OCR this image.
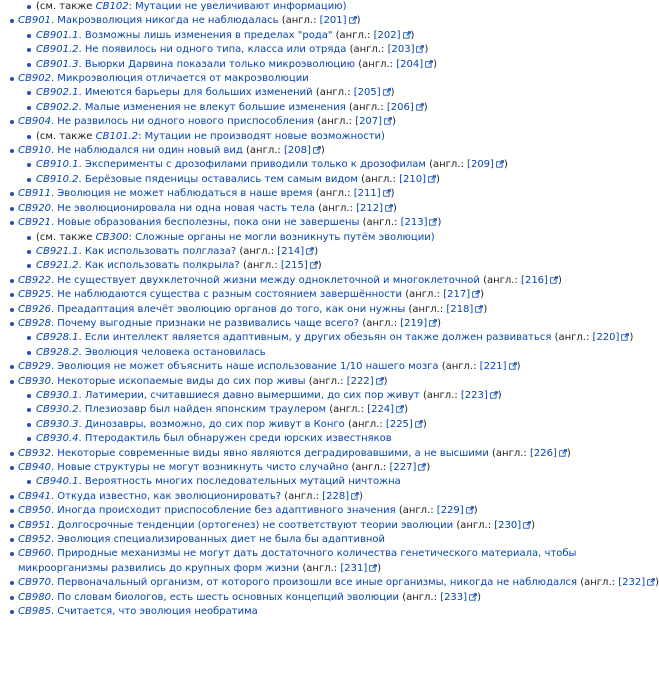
(см. также CB102: Мутации не увеличивают информацию)
CB901. Макроэволюция никогда не наблюдалась (англ.: [201] )
CB901.1. Возможны лишь изменения в пределах "рода" (англ.: [202] )
CB901.2. Не появилось ни одного типа, класса или отряда (англ.: [203] )
CB901.3. Вьюрки Дарвина показали только микроэволюцию (англ.: [204] )
CB902. Микроэволюция отличается от макроэволюции
CB902.1. Имеются барьеры для больших изменений (англ.: [205] )
CB902.2. Малые изменения не влекут большие изменения (англ.: [206] )
CB904. Не развилось ни одного нового приспособления (англ.: [207] )
(см. также CB101.2: Мутации не производят новые возможности)
CB910. Не наблюдался ни один новый вид (англ.: [208] )
CB910.1. Эксперименты с дрозофилами приводили только к дрозофилам (англ.: [209] )
CB910.2. Берёзовые пяденицы оставались тем самым видом (англ.: [210] )
CB911. Эволюция не может наблюдаться в наше время (англ.: [211] )
CB920. Не эволюционировала ни одна новая часть тела (англ.: [212] )
CB921. Новые образования бесполезны, пока они не завершены (англ.: [213] )
(см. также CB300: Сложные органы не могли возникнуть путём эволюции)
CB921.1. Как использовать полглаза? (англ.: [214] )
CB921.2. Как использовать полкрыла? (англ.: [215] )
CB922. Не существует двухклеточной жизни между одноклеточной и многоклеточной (англ.: [216] )
CB925. Не наблюдаются существа с разным состоянием завершённости (англ.: [217] )
CB926. Преадаптация влечёт эволюцию органов до того, как они нужны (англ.: [218] )
CB928. Почему выгодные признаки не развивались чаще всего? (англ.: [219] )
CB928.1. Если интеллект является адаптивным, у других обезьян он также должен развиваться (англ.: [220] )
CB928.2. Эволюция человека остановилась
CB929. Эволюция не может объяснить наше использование 1/10 нашего мозга (англ.: [221] )
CB930. Некоторые ископаемые виды до сих пор живы (англ.: [222] )
CB930.1. Латимерии, считавшиеся давно вымершими, до сих пор живут (англ.: [223] )
CB930.2. Плезиозавр был найден японским траулером (англ.: [224] )
CB930.3. Динозавры, возможно, до сих пор живут в Конго (англ.: [225] )
CB930.4. Птеродактиль был обнаружен среди юрских известняков
CB932. Некоторые современные виды явно являются деградировавшими, а не высшими (англ.: [226] )
CB940. Новые структуры не могут возникнуть чисто случайно (англ.: [227] )
CB940.1. Вероятность многих последовательных мутаций ничтожна
CB941. Откуда известно, как эволюционировать? (англ.: [228] )
CB950. Иногда происходит приспособление без адаптивного значения (англ.: [229] )
CB951. Долгосрочные тенденции (ортогенез) не соответствуют теории эволюции (англ.: [230] )
CB952. Эволюция специализированных диет не была бы адаптивной
CB960. Природные механизмы не могут дать достаточного количества генетического материала, чтобы микроорганизмы развились до крупных форм жизни (англ.: [231] )
CB970. Первоначальный организм, от которого произошли все иные организмы, никогда не наблюдался (англ.: [232] )
CB980. По словам биологов, есть шесть основных концепций эволюции (англ.: [233] )
CB985. Считается, что эволюция необратима
